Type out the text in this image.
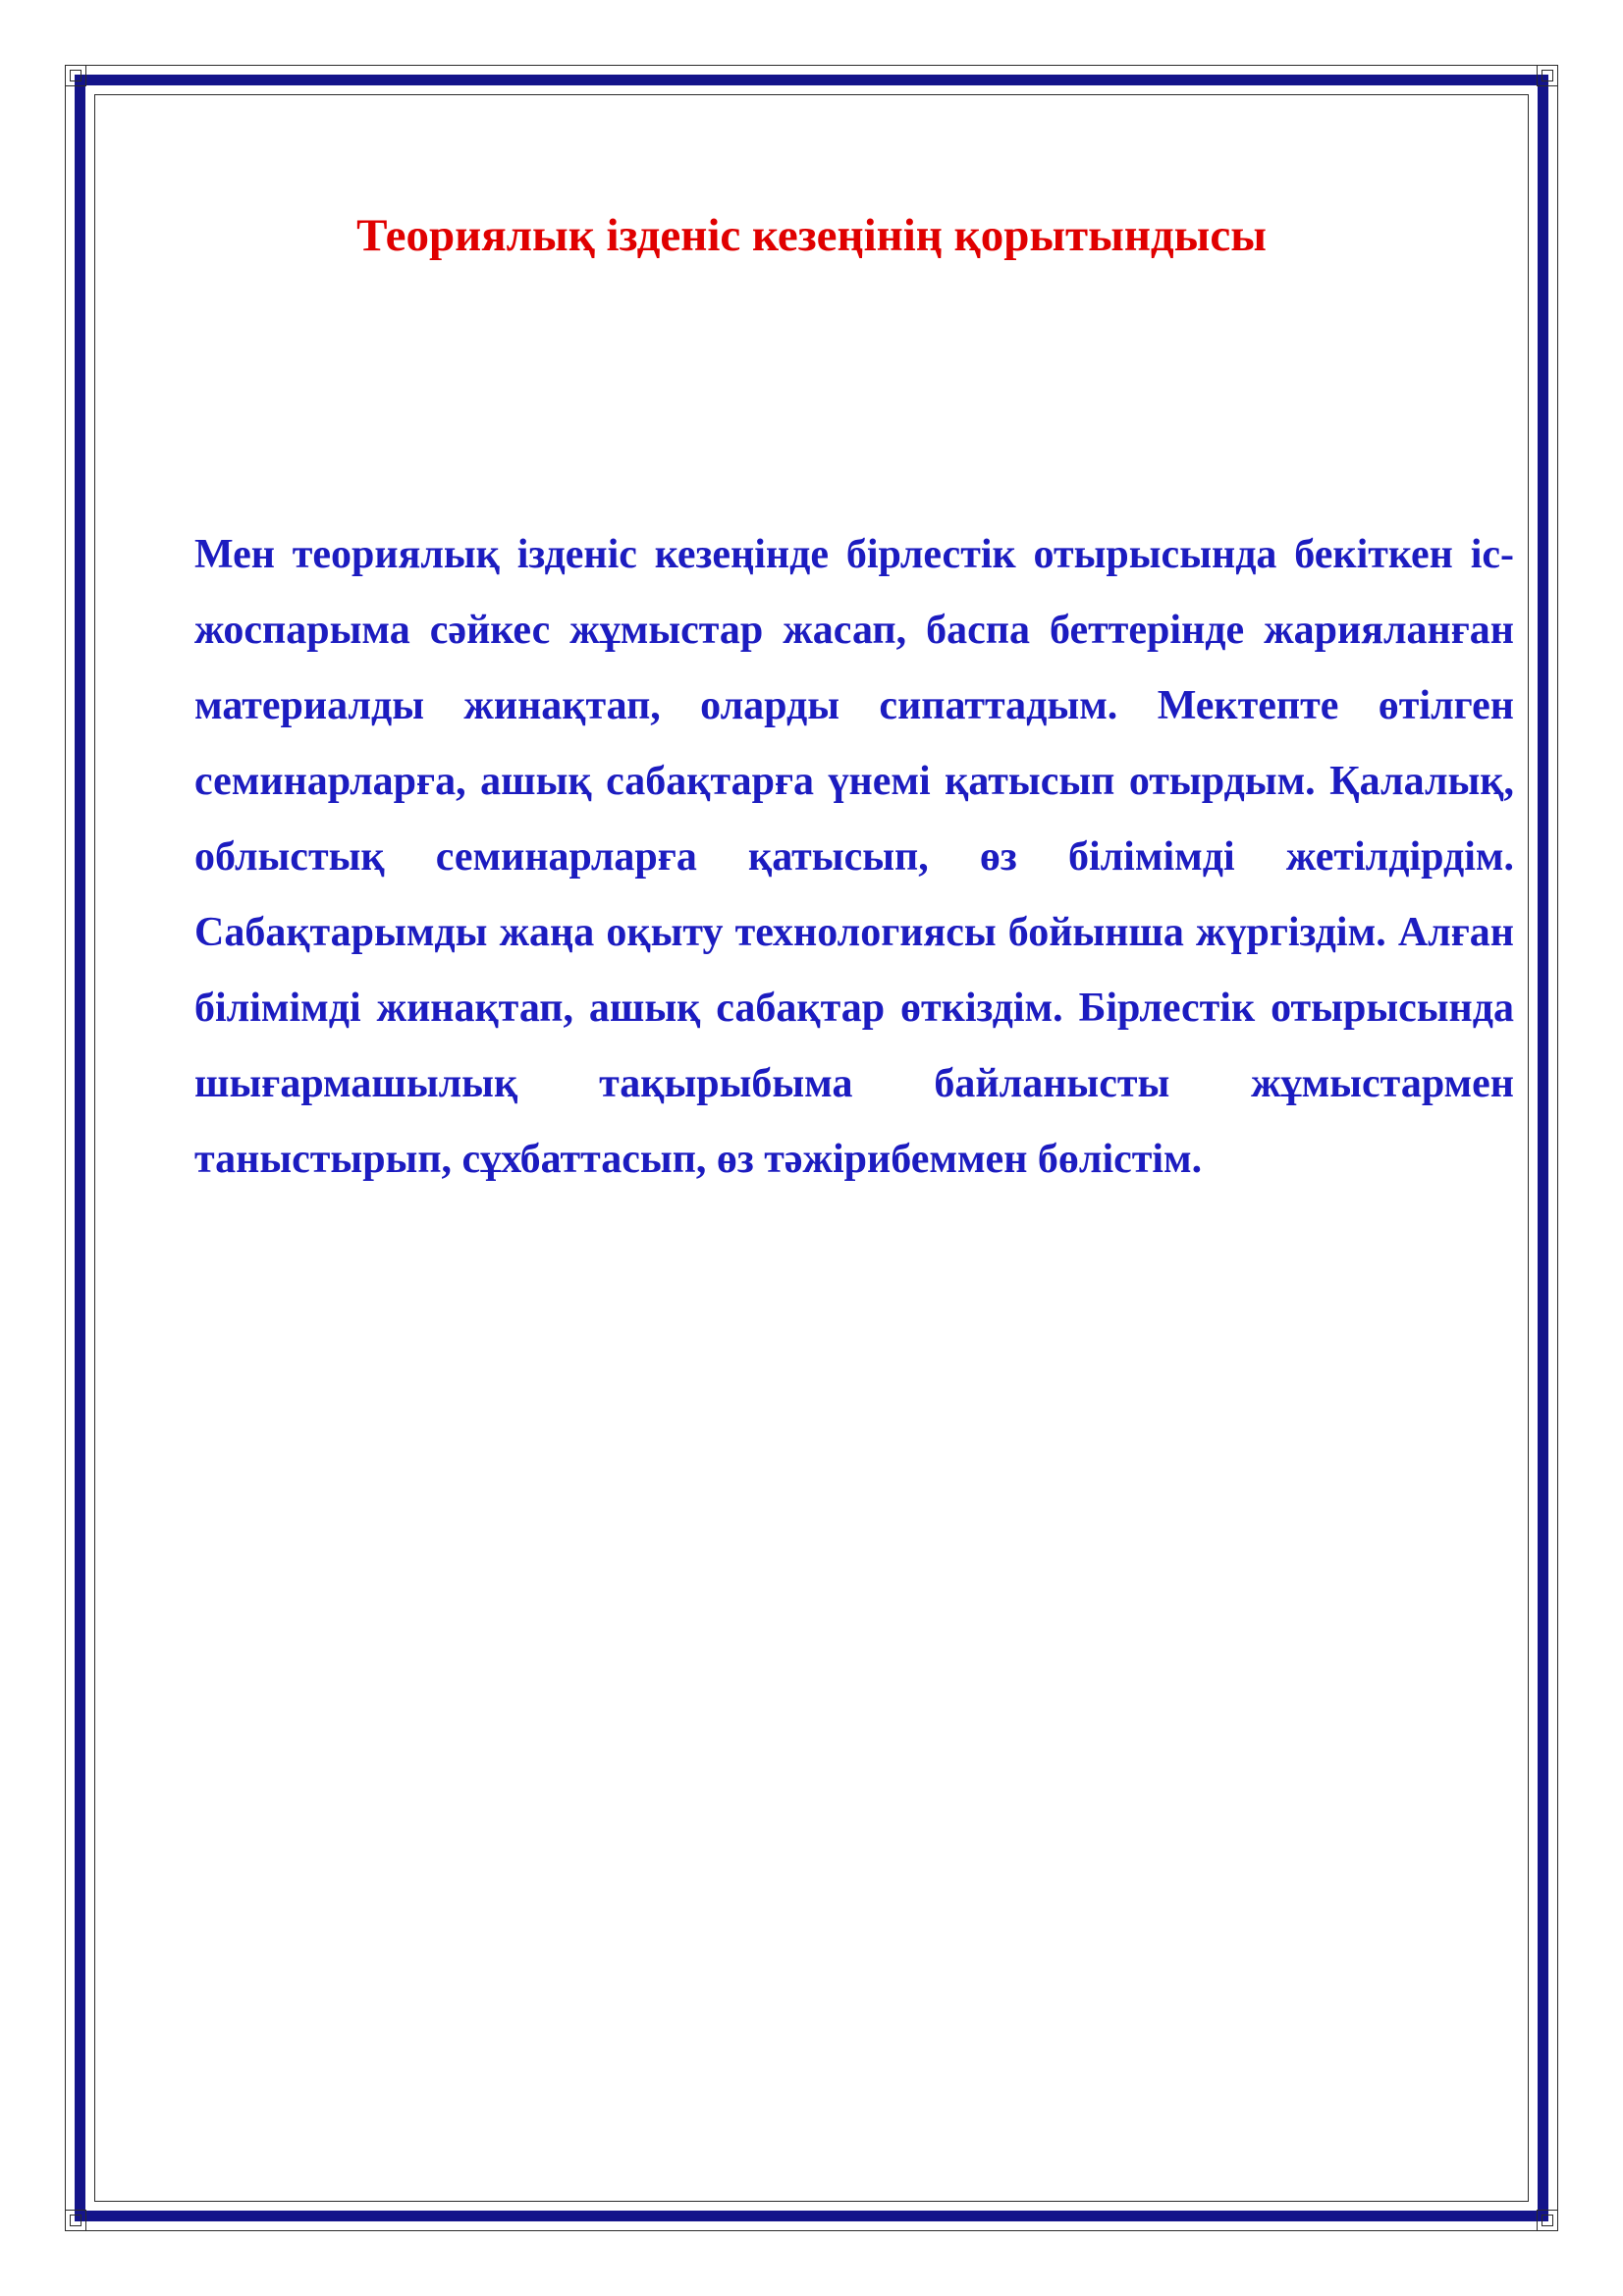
Теориялық ізденіс кезеңінің қорытындысы

Мен теориялық ізденіс кезеңінде бірлестік отырысында бекіткен іс-жоспарыма сәйкес жұмыстар жасап, баспа беттерінде жарияланған материалды жинақтап, оларды сипаттадым. Мектепте өтілген семинарларға, ашық сабақтарға үнемі қатысып отырдым. Қалалық, облыстық семинарларға қатысып, өз білімімді жетілдірдім. Сабақтарымды жаңа оқыту технологиясы бойынша жүргіздім. Алған білімімді жинақтап, ашық сабақтар өткіздім. Бірлестік отырысында шығармашылық тақырыбыма байланысты жұмыстармен таныстырып, сұхбаттасып, өз тәжірибеммен бөлістім.
